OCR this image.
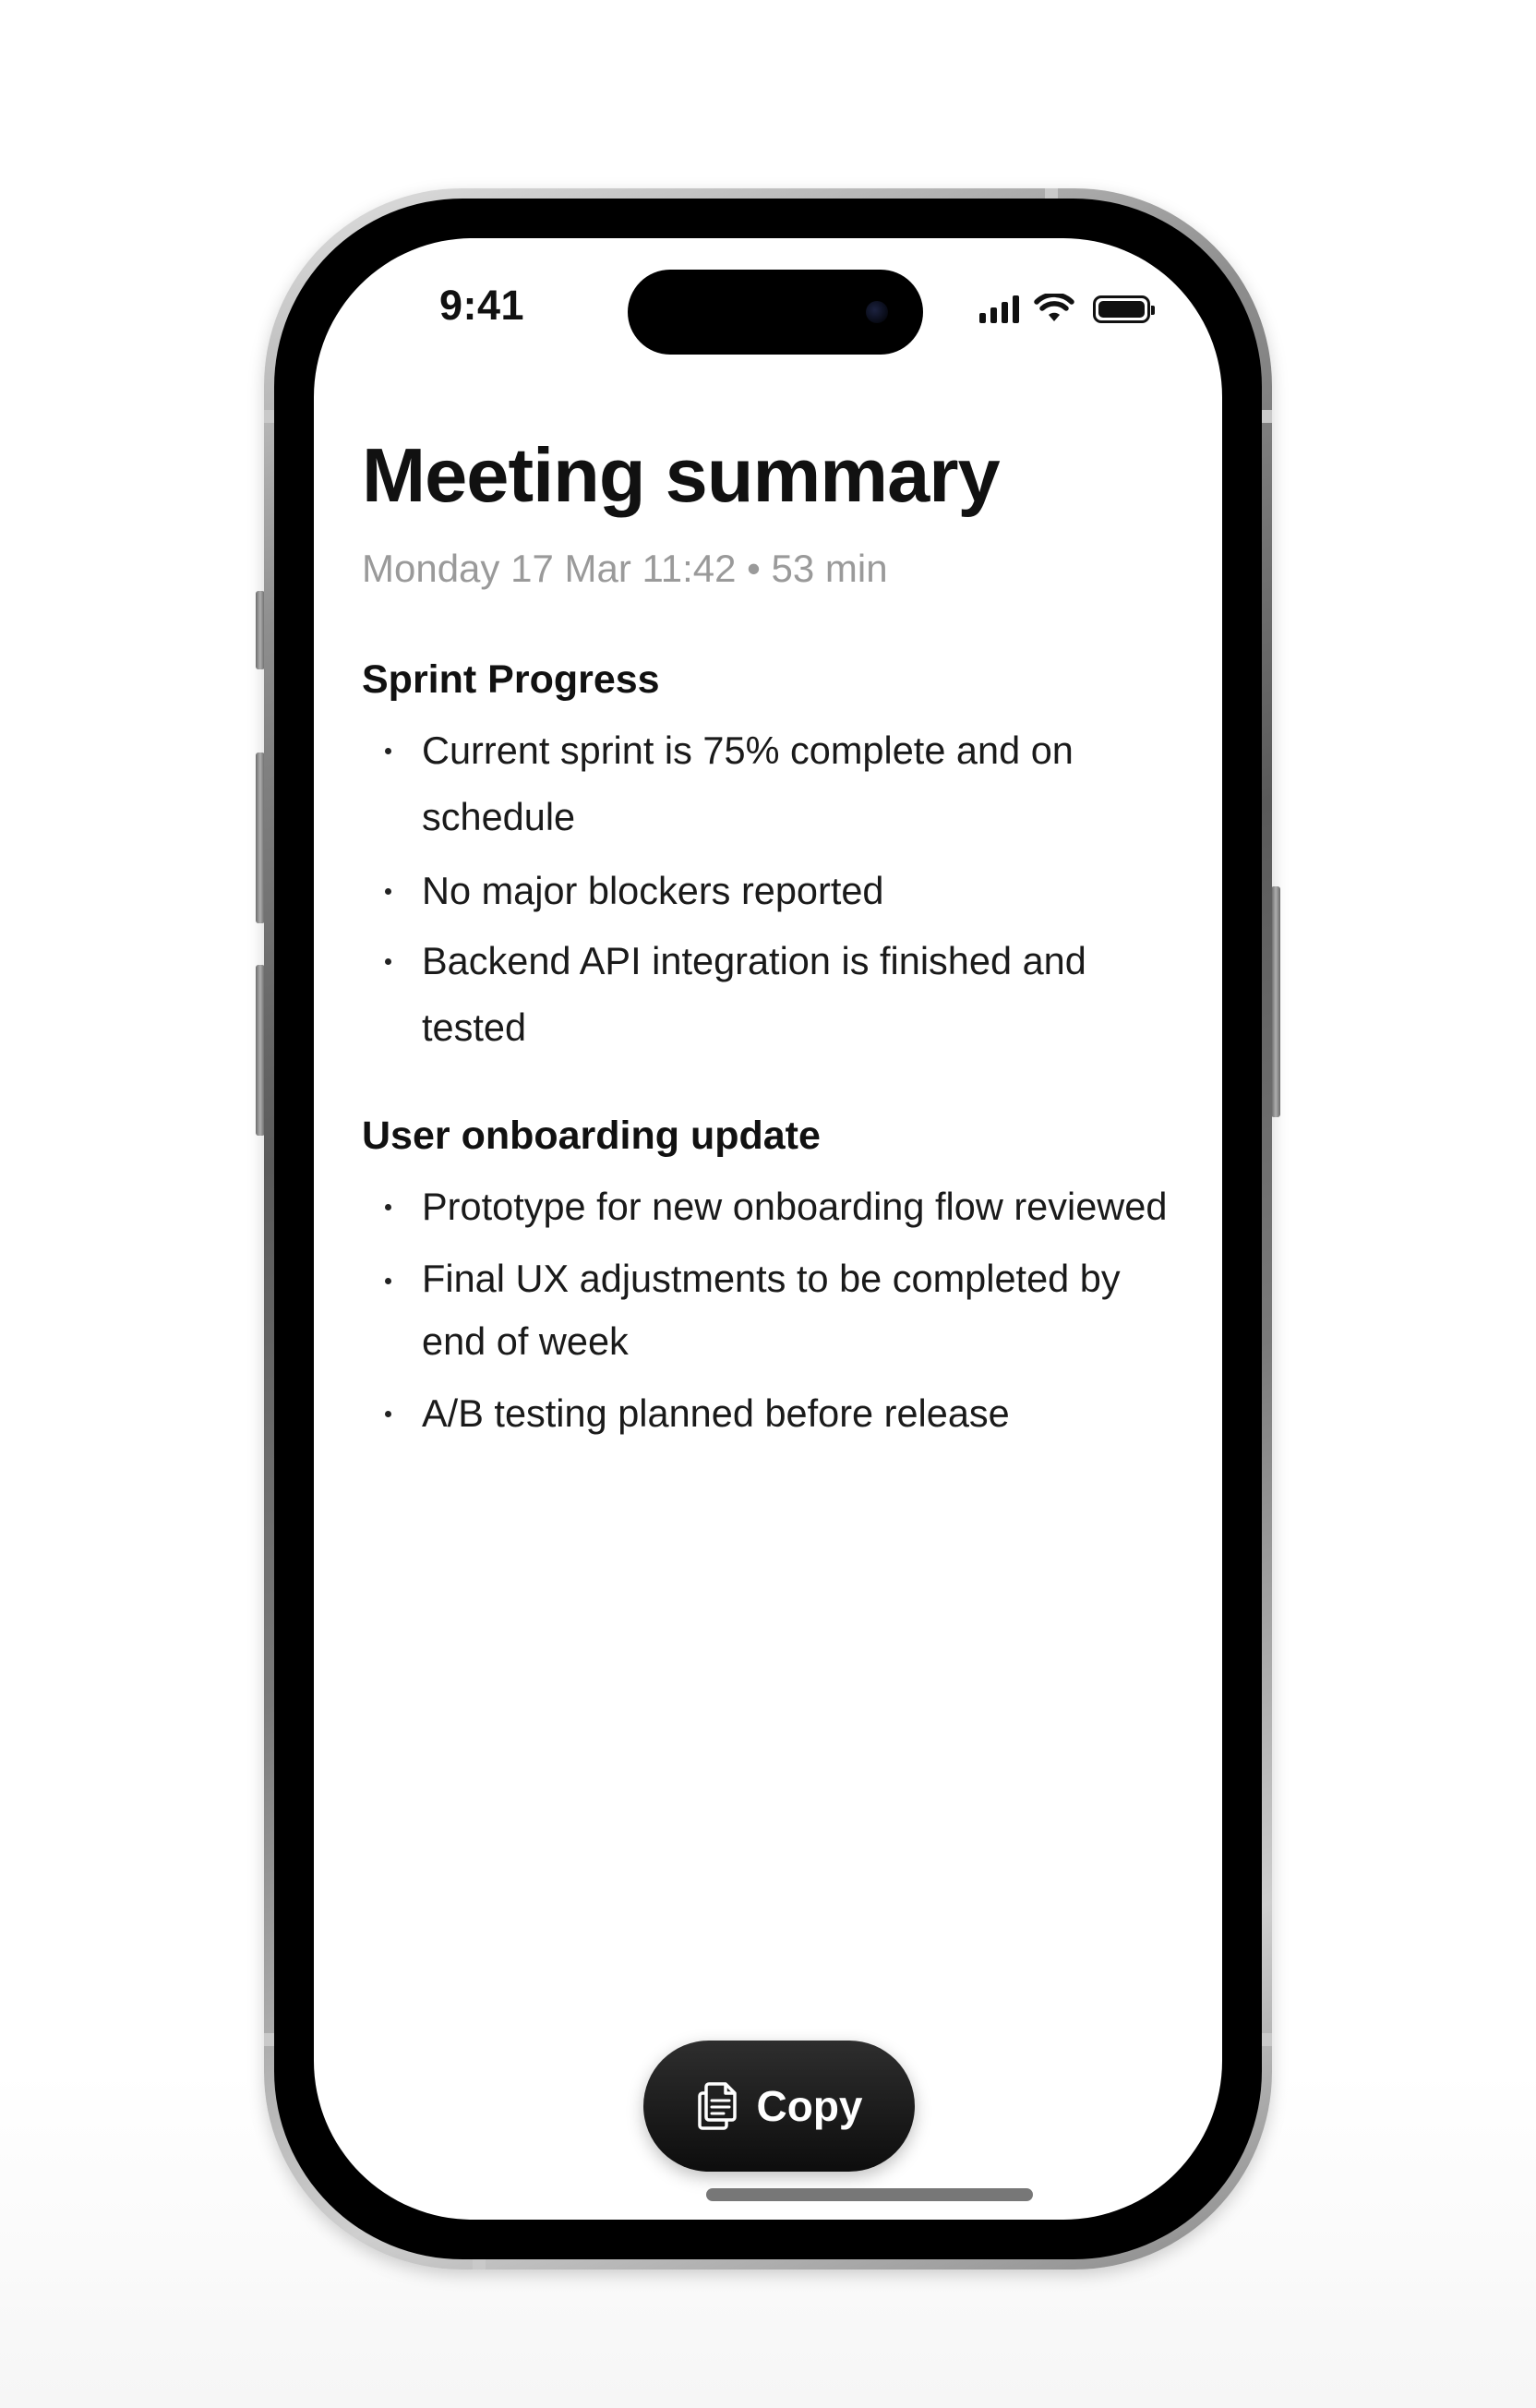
9:41
Meeting summary
Monday 17 Mar 11:42 • 53 min
Sprint Progress
Current sprint is 75% complete and on schedule
No major blockers reported
Backend API integration is finished and tested
User onboarding update
Prototype for new onboarding flow reviewed
Final UX adjustments to be completed by end of week
A/B testing planned before release
Copy
